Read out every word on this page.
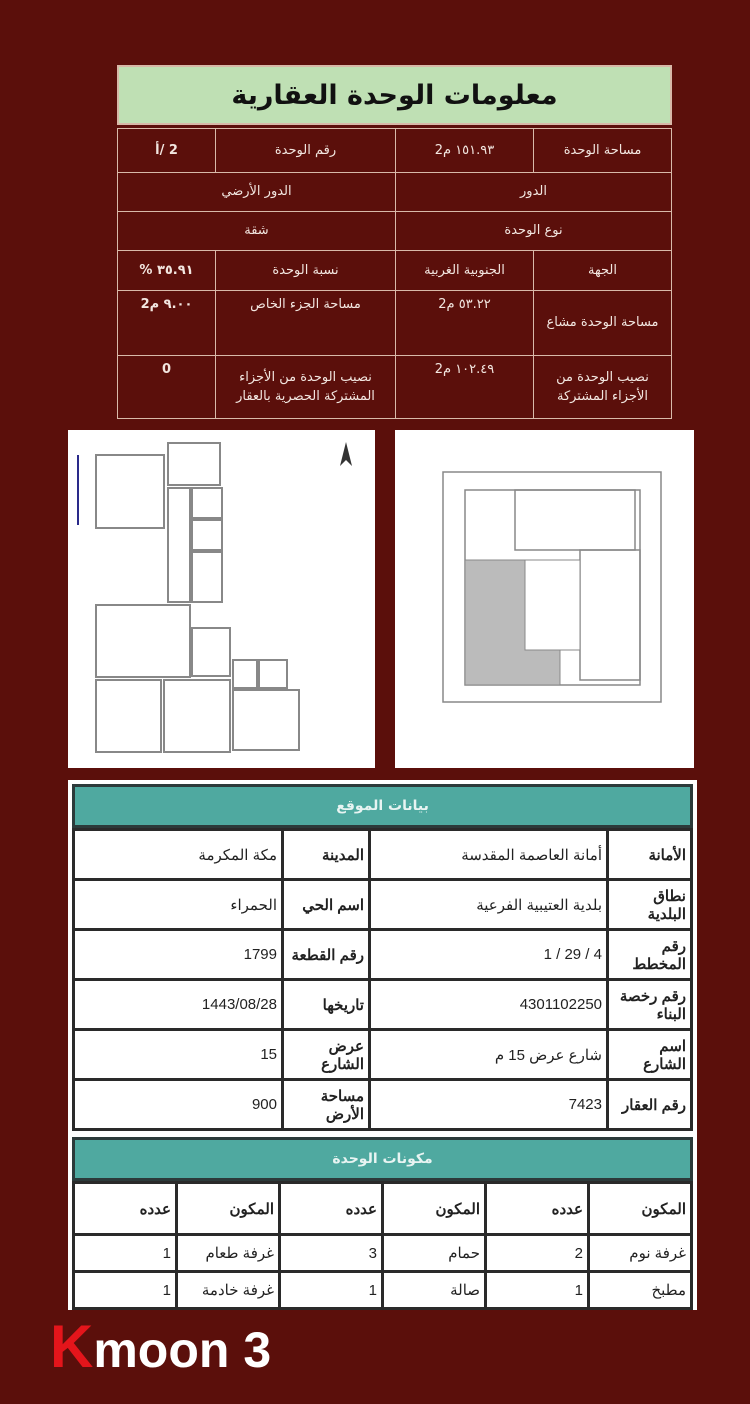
معلومات الوحدة العقارية
مساحة الوحدة	١٥١.٩٣ م2	رقم الوحدة	2 /أ
الدور		الدور الأرضي	
نوع الوحدة		شقة	
الجهة	الجنوبية الغربية	نسبة الوحدة	٣٥.٩١ %
مساحة الوحدة مشاع	٥٣.٢٢ م2	مساحة الجزء الخاص	٩.٠٠ م2
نصيب الوحدة من الأجزاء المشتركة	١٠٢.٤٩ م2	نصيب الوحدة من الأجزاء المشتركة الحصرية بالعقار	0
بيانات الموقع
الأمانة	أمانة العاصمة المقدسة	المدينة	مكة المكرمة
نطاق البلدية	بلدية العتيبية الفرعية	اسم الحي	الحمراء
رقم المخطط	4 / 29 / 1	رقم القطعة	1799
رقم رخصة البناء	4301102250	تاريخها	1443/08/28
اسم الشارع	شارع عرض 15 م	عرض الشارع	15
رقم العقار	7423	مساحة الأرض	900
مكونات الوحدة
المكون	عدده	المكون	عدده	المكون	عدده
غرفة نوم	2	حمام	3	غرفة طعام	1
مطبخ	1	صالة	1	غرفة خادمة	1
Kmoon 3
